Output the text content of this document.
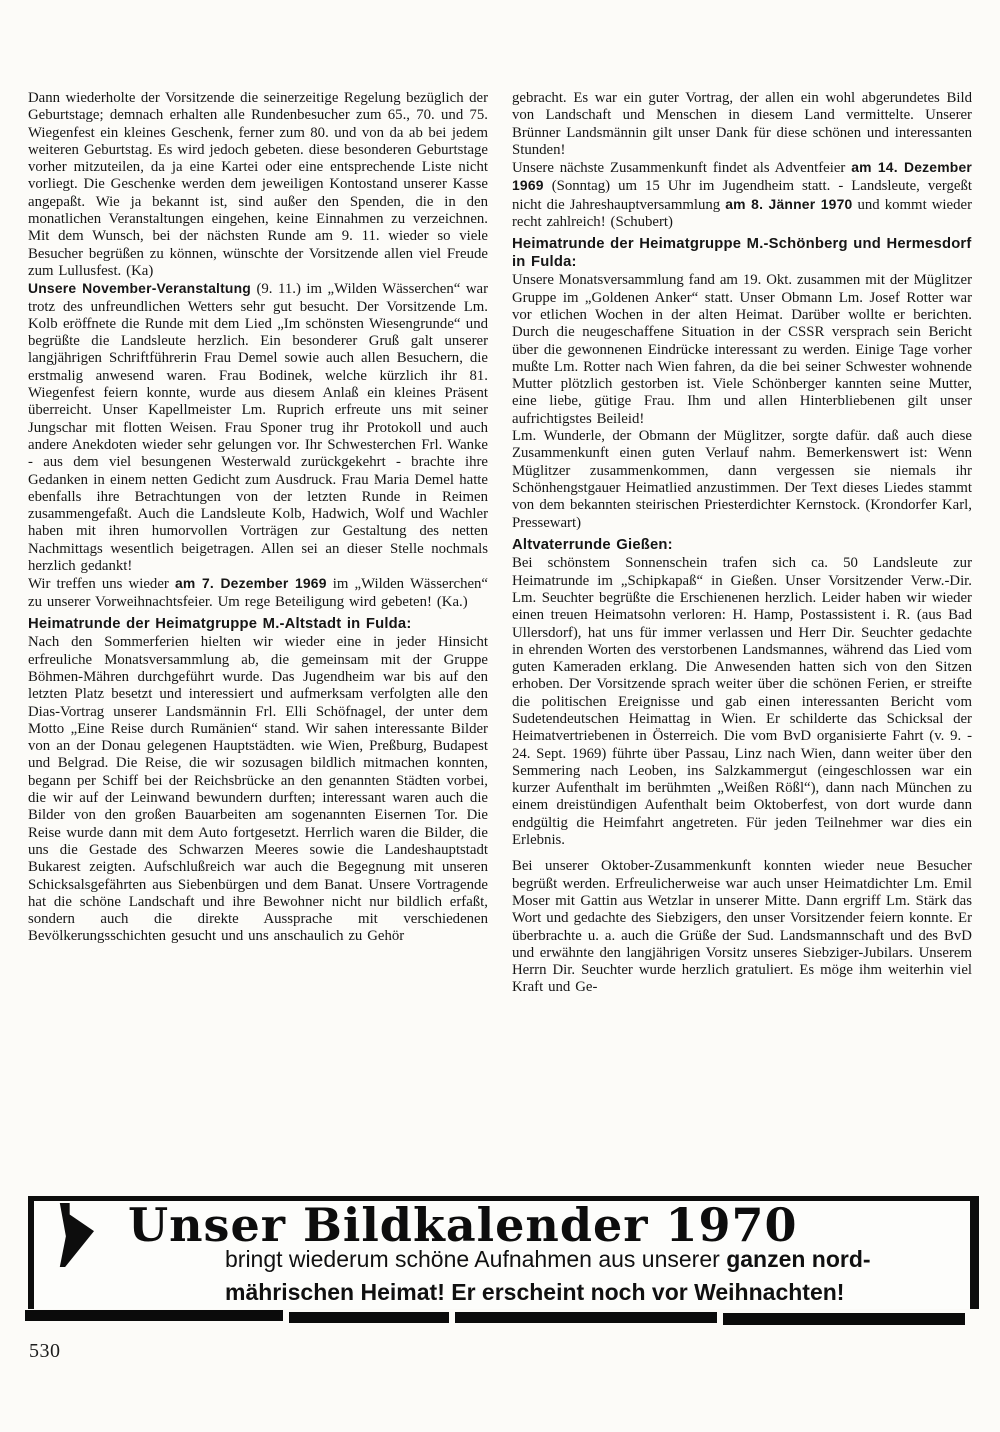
Dann wiederholte der Vorsitzende die seinerzeitige Regelung bezüglich der Geburtstage; demnach erhalten alle Rundenbesucher zum 65., 70. und 75. Wiegenfest ein kleines Geschenk, ferner zum 80. und von da ab bei jedem weiteren Geburtstag. Es wird jedoch gebeten. diese besonderen Geburtstage vorher mitzuteilen, da ja eine Kartei oder eine entsprechende Liste nicht vorliegt. Die Geschenke werden dem jeweiligen Kontostand unserer Kasse angepaßt. Wie ja bekannt ist, sind außer den Spenden, die in den monatlichen Veranstaltungen eingehen, keine Einnahmen zu verzeichnen. Mit dem Wunsch, bei der nächsten Runde am 9. 11. wieder so viele Besucher begrüßen zu können, wünschte der Vorsitzende allen viel Freude zum Lullusfest. (Ka)
Unsere November-Veranstaltung (9. 11.) im „Wilden Wässerchen“ war trotz des unfreundlichen Wetters sehr gut besucht. Der Vorsitzende Lm. Kolb eröffnete die Runde mit dem Lied „Im schönsten Wiesengrunde“ und begrüßte die Landsleute herzlich. Ein besonderer Gruß galt unserer langjährigen Schriftführerin Frau Demel sowie auch allen Besuchern, die erstmalig anwesend waren. Frau Bodinek, welche kürzlich ihr 81. Wiegenfest feiern konnte, wurde aus diesem Anlaß ein kleines Präsent überreicht. Unser Kapellmeister Lm. Ruprich erfreute uns mit seiner Jungschar mit flotten Weisen. Frau Sponer trug ihr Protokoll und auch andere Anekdoten wieder sehr gelungen vor. Ihr Schwesterchen Frl. Wanke - aus dem viel besungenen Westerwald zurückgekehrt - brachte ihre Gedanken in einem netten Gedicht zum Ausdruck. Frau Maria Demel hatte ebenfalls ihre Betrachtungen von der letzten Runde in Reimen zusammengefaßt. Auch die Landsleute Kolb, Hadwich, Wolf und Wachler haben mit ihren humorvollen Vorträgen zur Gestaltung des netten Nachmittags wesentlich beigetragen. Allen sei an dieser Stelle nochmals herzlich gedankt!
Wir treffen uns wieder am 7. Dezember 1969 im „Wilden Wässerchen“ zu unserer Vorweihnachtsfeier. Um rege Beteiligung wird gebeten! (Ka.)
Heimatrunde der Heimatgruppe M.-Altstadt in Fulda:
Nach den Sommerferien hielten wir wieder eine in jeder Hinsicht erfreuliche Monatsversammlung ab, die gemeinsam mit der Gruppe Böhmen-Mähren durchgeführt wurde. Das Jugendheim war bis auf den letzten Platz besetzt und interessiert und aufmerksam verfolgten alle den Dias-Vortrag unserer Landsmännin Frl. Elli Schöfnagel, der unter dem Motto „Eine Reise durch Rumänien“ stand. Wir sahen interessante Bilder von an der Donau gelegenen Hauptstädten. wie Wien, Preßburg, Budapest und Belgrad. Die Reise, die wir sozusagen bildlich mitmachen konnten, begann per Schiff bei der Reichsbrücke an den genannten Städten vorbei, die wir auf der Leinwand bewundern durften; interessant waren auch die Bilder von den großen Bauarbeiten am sogenannten Eisernen Tor. Die Reise wurde dann mit dem Auto fortgesetzt. Herrlich waren die Bilder, die uns die Gestade des Schwarzen Meeres sowie die Landeshauptstadt Bukarest zeigten. Aufschlußreich war auch die Begegnung mit unseren Schicksalsgefährten aus Siebenbürgen und dem Banat. Unsere Vortragende hat die schöne Landschaft und ihre Bewohner nicht nur bildlich erfaßt, sondern auch die direkte Aussprache mit verschiedenen Bevölkerungsschichten gesucht und uns anschaulich zu Gehör
gebracht. Es war ein guter Vortrag, der allen ein wohl abgerundetes Bild von Landschaft und Menschen in diesem Land vermittelte. Unserer Brünner Landsmännin gilt unser Dank für diese schönen und interessanten Stunden!
Unsere nächste Zusammenkunft findet als Adventfeier am 14. Dezember 1969 (Sonntag) um 15 Uhr im Jugendheim statt. - Landsleute, vergeßt nicht die Jahreshauptversammlung am 8. Jänner 1970 und kommt wieder recht zahlreich! (Schubert)
Heimatrunde der Heimatgruppe M.-Schönberg und Hermesdorf in Fulda:
Unsere Monatsversammlung fand am 19. Okt. zusammen mit der Müglitzer Gruppe im „Goldenen Anker“ statt. Unser Obmann Lm. Josef Rotter war vor etlichen Wochen in der alten Heimat. Darüber wollte er berichten. Durch die neugeschaffene Situation in der CSSR versprach sein Bericht über die gewonnenen Eindrücke interessant zu werden. Einige Tage vorher mußte Lm. Rotter nach Wien fahren, da die bei seiner Schwester wohnende Mutter plötzlich gestorben ist. Viele Schönberger kannten seine Mutter, eine liebe, gütige Frau. Ihm und allen Hinterbliebenen gilt unser aufrichtigstes Beileid!
Lm. Wunderle, der Obmann der Müglitzer, sorgte dafür. daß auch diese Zusammenkunft einen guten Verlauf nahm. Bemerkenswert ist: Wenn Müglitzer zusammenkommen, dann vergessen sie niemals ihr Schönhengstgauer Heimatlied anzustimmen. Der Text dieses Liedes stammt von dem bekannten steirischen Priesterdichter Kernstock. (Krondorfer Karl, Pressewart)
Altvaterrunde Gießen:
Bei schönstem Sonnenschein trafen sich ca. 50 Landsleute zur Heimatrunde im „Schipkapaß“ in Gießen. Unser Vorsitzender Verw.-Dir. Lm. Seuchter begrüßte die Erschienenen herzlich. Leider haben wir wieder einen treuen Heimatsohn verloren: H. Hamp, Postassistent i. R. (aus Bad Ullersdorf), hat uns für immer verlassen und Herr Dir. Seuchter gedachte in ehrenden Worten des verstorbenen Landsmannes, während das Lied vom guten Kameraden erklang. Die Anwesenden hatten sich von den Sitzen erhoben. Der Vorsitzende sprach weiter über die schönen Ferien, er streifte die politischen Ereignisse und gab einen interessanten Bericht vom Sudetendeutschen Heimattag in Wien. Er schilderte das Schicksal der Heimatvertriebenen in Österreich. Die vom BvD organisierte Fahrt (v. 9. - 24. Sept. 1969) führte über Passau, Linz nach Wien, dann weiter über den Semmering nach Leoben, ins Salzkammergut (eingeschlossen war ein kurzer Aufenthalt im berühmten „Weißen Rößl“), dann nach München zu einem dreistündigen Aufenthalt beim Oktoberfest, von dort wurde dann endgültig die Heimfahrt angetreten. Für jeden Teilnehmer war dies ein Erlebnis.
Bei unserer Oktober-Zusammenkunft konnten wieder neue Besucher begrüßt werden. Erfreulicherweise war auch unser Heimatdichter Lm. Emil Moser mit Gattin aus Wetzlar in unserer Mitte. Dann ergriff Lm. Stärk das Wort und gedachte des Siebzigers, den unser Vorsitzender feiern konnte. Er überbrachte u. a. auch die Grüße der Sud. Landsmannschaft und des BvD und erwähnte den langjährigen Vorsitz unseres Siebziger-Jubilars. Unserem Herrn Dir. Seuchter wurde herzlich gratuliert. Es möge ihm weiterhin viel Kraft und Ge-
Unser Bildkalender 1970
bringt wiederum schöne Aufnahmen aus unserer ganzen nord-
mährischen Heimat! Er erscheint noch vor Weihnachten!
530
